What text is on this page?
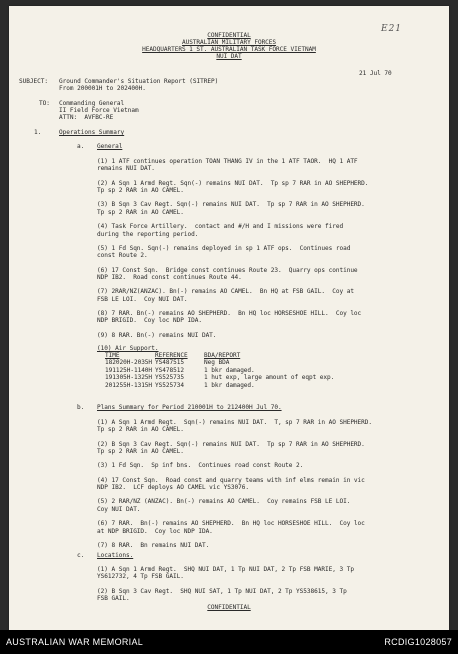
E21
CONFIDENTIAL
AUSTRALIAN MILITARY FORCES
HEADQUARTERS 1 ST. AUSTRALIAN TASK FORCE VIETNAM
NUI DAT
21 Jul 70
SUBJECT: Ground Commander's Situation Report (SITREP)
From 200001H to 202400H.
TO: Commanding General
II Field Force Vietnam
ATTN:  AVFBC-RE
1.	Operations Summary
a. General
(1) 1 ATF continues operation TOAN THANG IV in the 1 ATF TAOR.  HQ 1 ATF
remains NUI DAT.
(2) A Sqn 1 Armd Regt. Sqn(-) remains NUI DAT.  Tp sp 7 RAR in AO SHEPHERD.
Tp sp 2 RAR in AO CAMEL.
(3) B Sqn 3 Cav Regt. Sqn(-) remains NUI DAT.  Tp sp 7 RAR in AO SHEPHERD.
Tp sp 2 RAR in AO CAMEL.
(4) Task Force Artillery.  contact and #/H and I missions were fired
during the reporting period.
(5) 1 Fd Sqn. Sqn(-) remains deployed in sp 1 ATF ops.  Continues road
const Route 2.
(6) 17 Const Sqn.  Bridge const continues Route 23.  Quarry ops continue
NDP IB2.  Road const continues Route 44.
(7) 2RAR/NZ(ANZAC). Bn(-) remains AO CAMEL.  Bn HQ at FSB GAIL.  Coy at
FSB LE LOI.  Coy NUI DAT.
(8) 7 RAR. Bn(-) remains AO SHEPHERD.  Bn HQ loc HORSESHOE HILL.  Coy loc
NDP BRIGID.  Coy loc NDP IDA.
(9) 8 RAR. Bn(-) remains NUI DAT.
(10) Air Support.
TIME	REFERENCE	BDA/REPORT
182020H-2035H YS487515	Neg BDA
191125H-1140H YS478512	1 bkr damaged.
191305H-1325H YS525735	1 hut exp, large amount of eqpt exp.
201255H-1315H YS525734	1 bkr damaged.
b. Plans Summary for Period 210001H to 212400H Jul 70.
(1) A Sqn 1 Armd Regt.  Sqn(-) remains NUI DAT.  T, sp 7 RAR in AO SHEPHERD.
Tp sp 2 RAR in AO CAMEL.
(2) B Sqn 3 Cav Regt. Sqn(-) remains NUI DAT.  Tp sp 7 RAR in AO SHEPHERD.
Tp sp 2 RAR in AO CAMEL.
(3) 1 Fd Sqn.  Sp inf bns.  Continues road const Route 2.
(4) 17 Const Sqn.  Road const and quarry teams with inf elms remain in vic
NDP IB2.  LCF deploys AO CAMEL vic YS3076.
(5) 2 RAR/NZ (ANZAC). Bn(-) remains AO CAMEL.  Coy remains FSB LE LOI.
Coy NUI DAT.
(6) 7 RAR.  Bn(-) remains AO SHEPHERD.  Bn HQ loc HORSESHOE HILL.  Coy loc
at NDP BRIGID.  Coy loc NDP IDA.
(7) 8 RAR.  Bn remains NUI DAT.
c. Locations.
(1) A Sqn 1 Armd Regt.  SHQ NUI DAT, 1 Tp NUI DAT, 2 Tp FSB MARIE, 3 Tp
YS612732, 4 Tp FSB GAIL.
(2) B Sqn 3 Cav Regt.  SHQ NUI SAT, 1 Tp NUI DAT, 2 Tp YS538615, 3 Tp
FSB GAIL.
CONFIDENTIAL
AUSTRALIAN WAR MEMORIAL	RCDIG1028057
